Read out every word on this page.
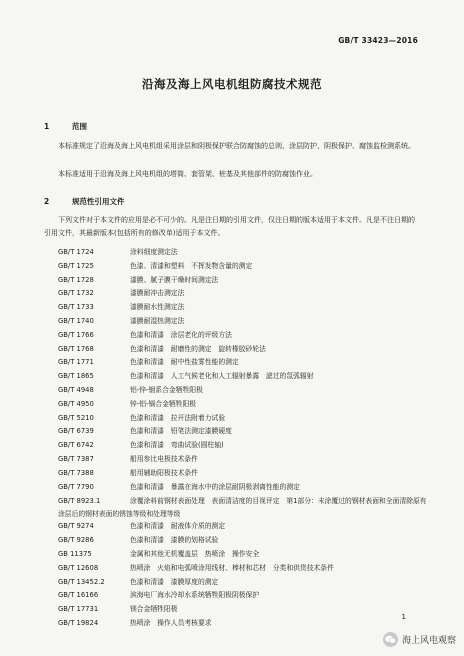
GB/T 33423—2016
沿海及海上风电机组防腐技术规范
1	范围
本标准规定了沿海及海上风电机组采用涂层和阴极保护联合防腐蚀的总则、涂层防护、阴极保护、腐蚀监检测系统。
本标准适用于沿海及海上风电机组的塔筒、套管架、桩基及其他部件的防腐蚀作业。
2	规范性引用文件
下列文件对于本文件的应用是必不可少的。凡是注日期的引用文件，仅注日期的版本适用于本文件。凡是不注日期的引用文件，其最新版本(包括所有的修改单)适用于本文件。
GB/T 1724	涂料细度测定法
GB/T 1725	色漆、清漆和塑料　不挥发物含量的测定
GB/T 1728	漆膜、腻子膜干燥时间测定法
GB/T 1732	漆膜耐冲击测定法
GB/T 1733	漆膜耐水性测定法
GB/T 1740	漆膜耐湿热测定法
GB/T 1766	色漆和清漆　涂层老化的评级方法
GB/T 1768	色漆和清漆　耐磨性的测定　旋转橡胶砂轮法
GB/T 1771	色漆和清漆　耐中性盐雾性能的测定
GB/T 1865	色漆和清漆　人工气候老化和人工辐射暴露　滤过的氙弧辐射
GB/T 4948	铝-锌-铟系合金牺牲阳极
GB/T 4950	锌-铝-镉合金牺牲阳极
GB/T 5210	色漆和清漆　拉开法附着力试验
GB/T 6739	色漆和清漆　铅笔法测定漆膜硬度
GB/T 6742	色漆和清漆　弯曲试验(圆柱轴)
GB/T 7387	船用参比电极技术条件
GB/T 7388	船用辅助阳极技术条件
GB/T 7790	色漆和清漆　暴露在海水中的涂层耐阴极剥离性能的测定
GB/T 8923.1	涂覆涂料前钢材表面处理　表面清洁度的目视评定　第1部分：未涂覆过的钢材表面和全面清除原有涂层后的钢材表面的锈蚀等级和处理等级
GB/T 9274	色漆和清漆　耐液体介质的测定
GB/T 9286	色漆和清漆　漆膜的划格试验
GB 11375	金属和其他无机覆盖层　热喷涂　操作安全
GB/T 12608	热喷涂　火焰和电弧喷涂用线材、棒材和芯材　分类和供货技术条件
GB/T 13452.2	色漆和清漆　漆膜厚度的测定
GB/T 16166	滨海电厂海水冷却水系统牺牲阳极阴极保护
GB/T 17731	镁合金牺牲阳极
GB/T 19824	热喷涂　操作人员考核要求
1
海上风电观察
